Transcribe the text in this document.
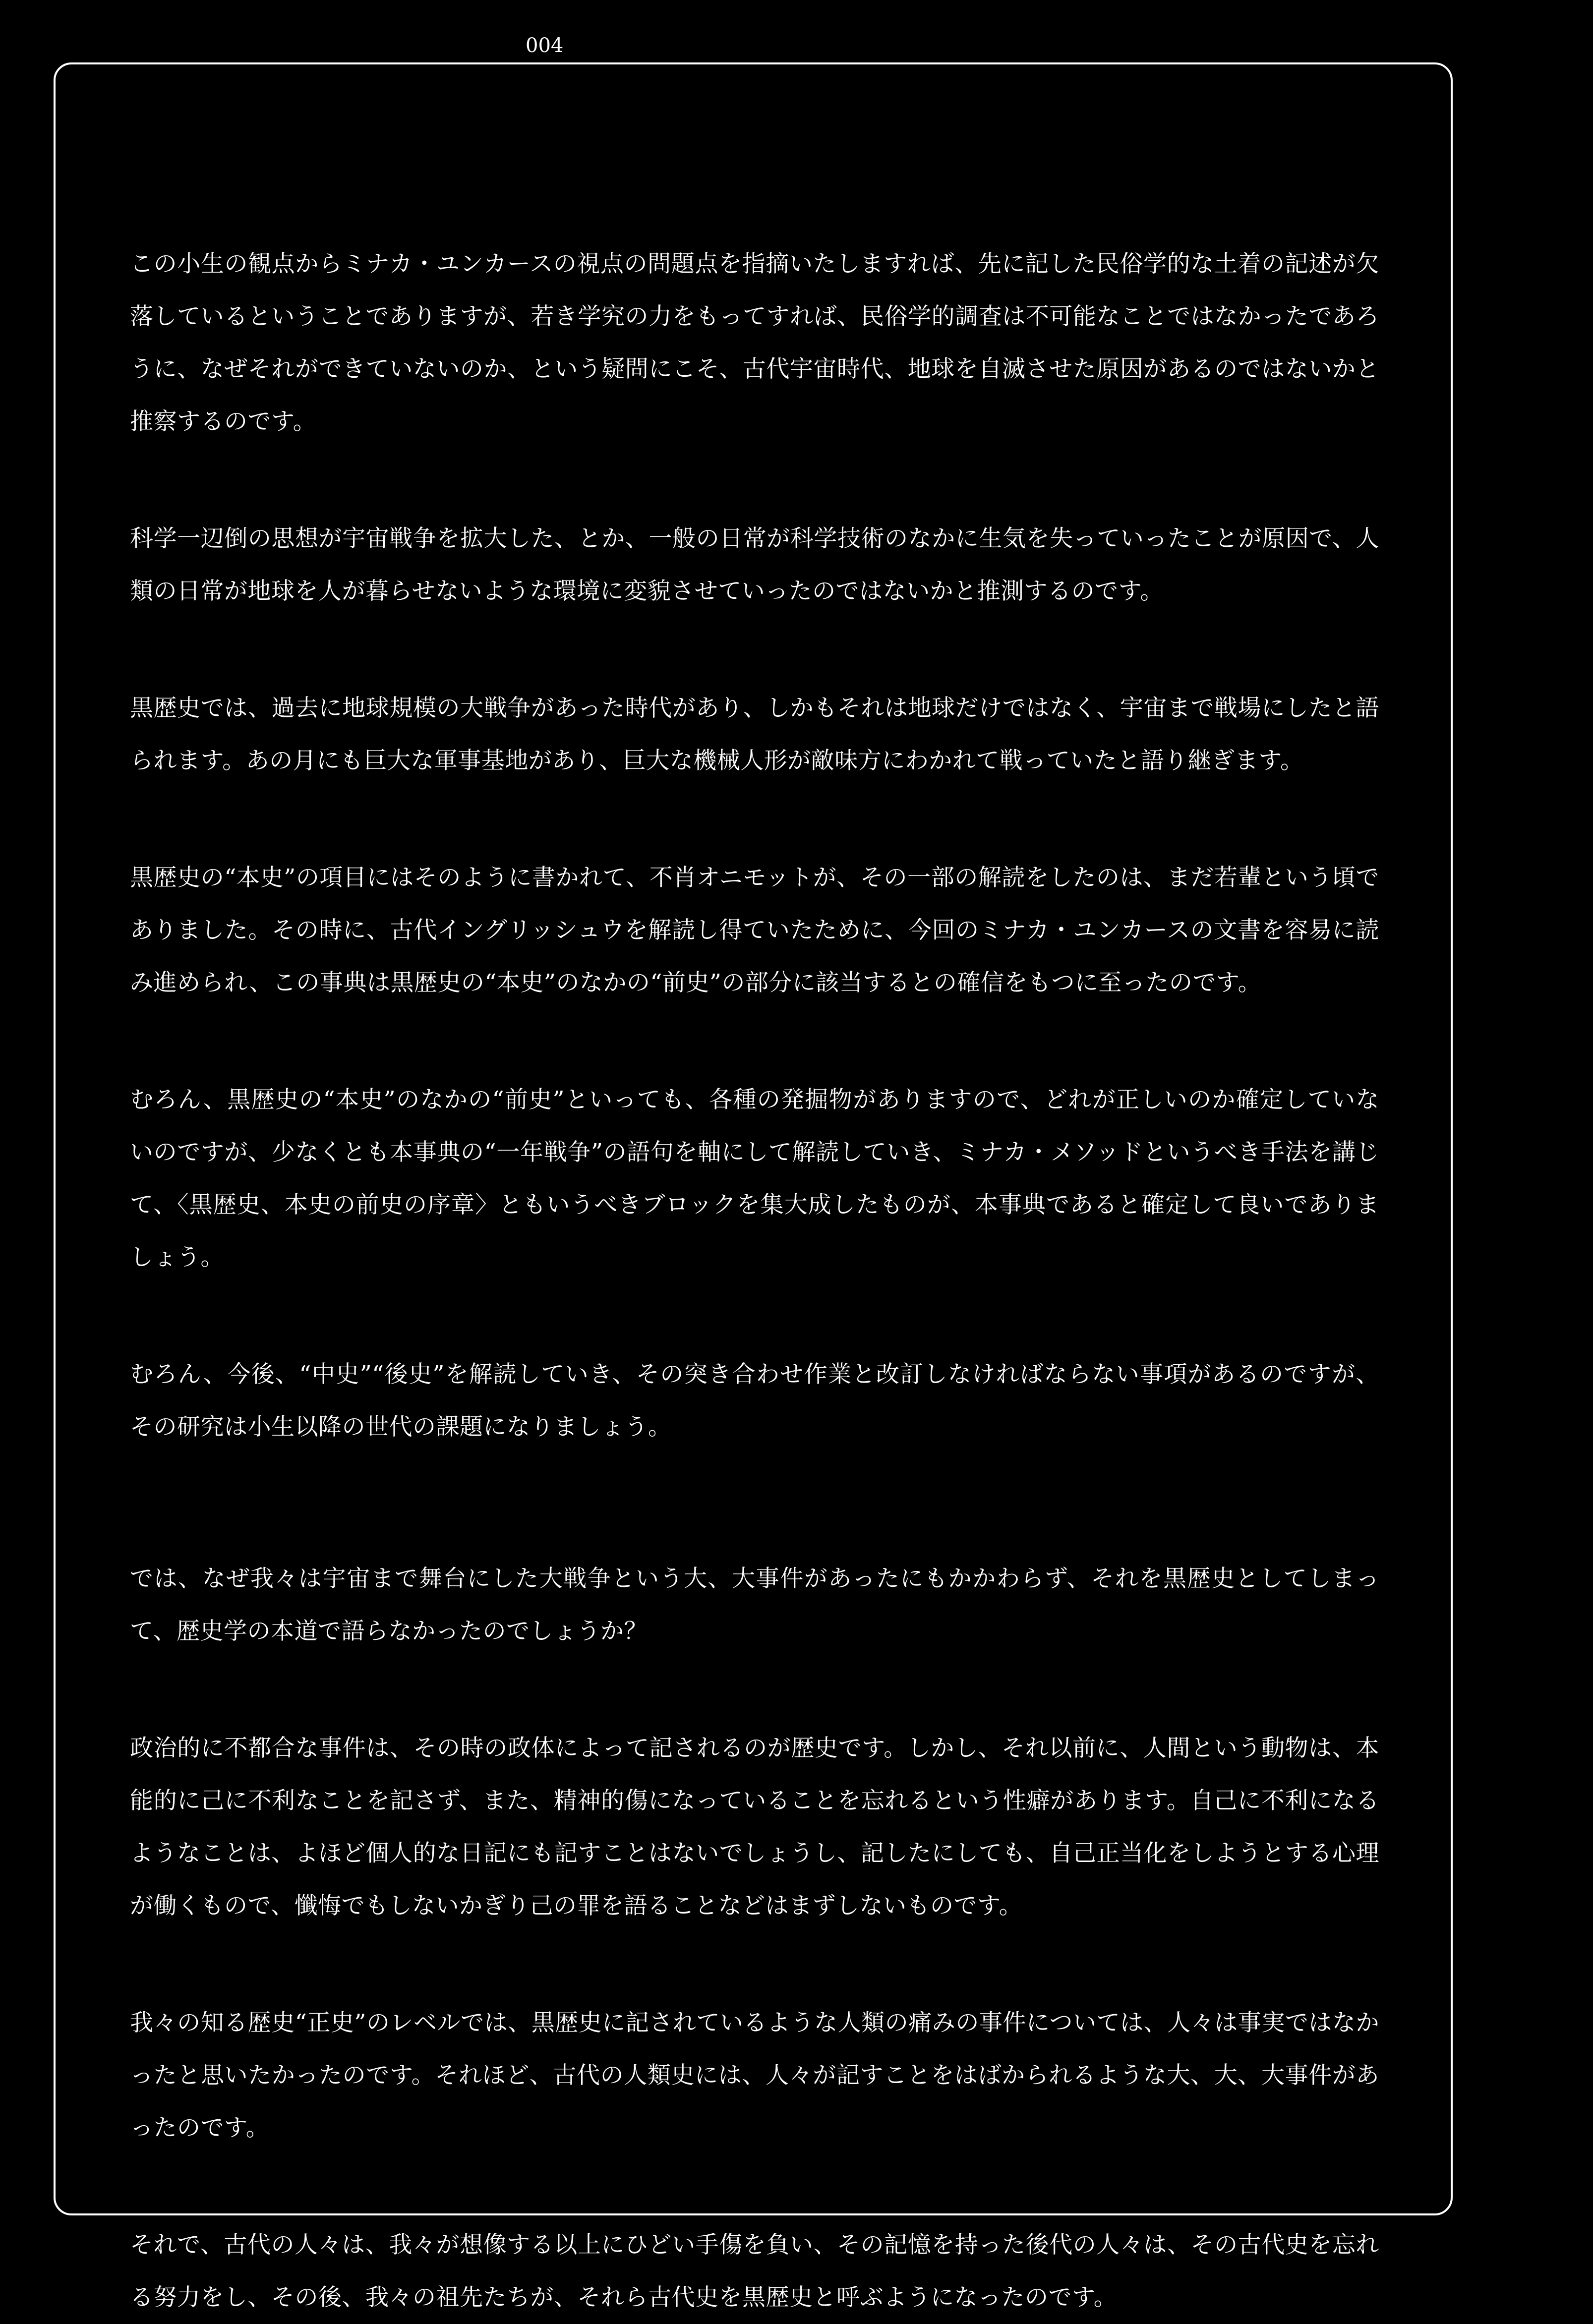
004

この小生の観点からミナカ・ユンカースの視点の問題点を指摘いたしますれば、先に記した民俗学的な土着の記述が欠落しているということでありますが、若き学究の力をもってすれば、民俗学的調査は不可能なことではなかったであろうに、なぜそれができていないのか、という疑問にこそ、古代宇宙時代、地球を自滅させた原因があるのではないかと推察するのです。

科学一辺倒の思想が宇宙戦争を拡大した、とか、一般の日常が科学技術のなかに生気を失っていったことが原因で、人類の日常が地球を人が暮らせないような環境に変貌させていったのではないかと推測するのです。

黒歴史では、過去に地球規模の大戦争があった時代があり、しかもそれは地球だけではなく、宇宙まで戦場にしたと語られます。あの月にも巨大な軍事基地があり、巨大な機械人形が敵味方にわかれて戦っていたと語り継ぎます。

黒歴史の“本史”の項目にはそのように書かれて、不肖オニモットが、その一部の解読をしたのは、まだ若輩という頃でありました。その時に、古代イングリッシュウを解読し得ていたために、今回のミナカ・ユンカースの文書を容易に読み進められ、この事典は黒歴史の“本史”のなかの“前史”の部分に該当するとの確信をもつに至ったのです。

むろん、黒歴史の“本史”のなかの“前史”といっても、各種の発掘物がありますので、どれが正しいのか確定していないのですが、少なくとも本事典の“一年戦争”の語句を軸にして解読していき、ミナカ・メソッドというべき手法を講じて、〈黒歴史、本史の前史の序章〉ともいうべきブロックを集大成したものが、本事典であると確定して良いでありましょう。

むろん、今後、“中史”“後史”を解読していき、その突き合わせ作業と改訂しなければならない事項があるのですが、その研究は小生以降の世代の課題になりましょう。

では、なぜ我々は宇宙まで舞台にした大戦争という大、大事件があったにもかかわらず、それを黒歴史としてしまって、歴史学の本道で語らなかったのでしょうか？

政治的に不都合な事件は、その時の政体によって記されるのが歴史です。しかし、それ以前に、人間という動物は、本能的に己に不利なことを記さず、また、精神的傷になっていることを忘れるという性癖があります。自己に不利になるようなことは、よほど個人的な日記にも記すことはないでしょうし、記したにしても、自己正当化をしようとする心理が働くもので、懺悔でもしないかぎり己の罪を語ることなどはまずしないものです。

我々の知る歴史“正史”のレベルでは、黒歴史に記されているような人類の痛みの事件については、人々は事実ではなかったと思いたかったのです。それほど、古代の人類史には、人々が記すことをはばかられるような大、大、大事件があったのです。

それで、古代の人々は、我々が想像する以上にひどい手傷を負い、その記憶を持った後代の人々は、その古代史を忘れる努力をし、その後、我々の祖先たちが、それら古代史を黒歴史と呼ぶようになったのです。
